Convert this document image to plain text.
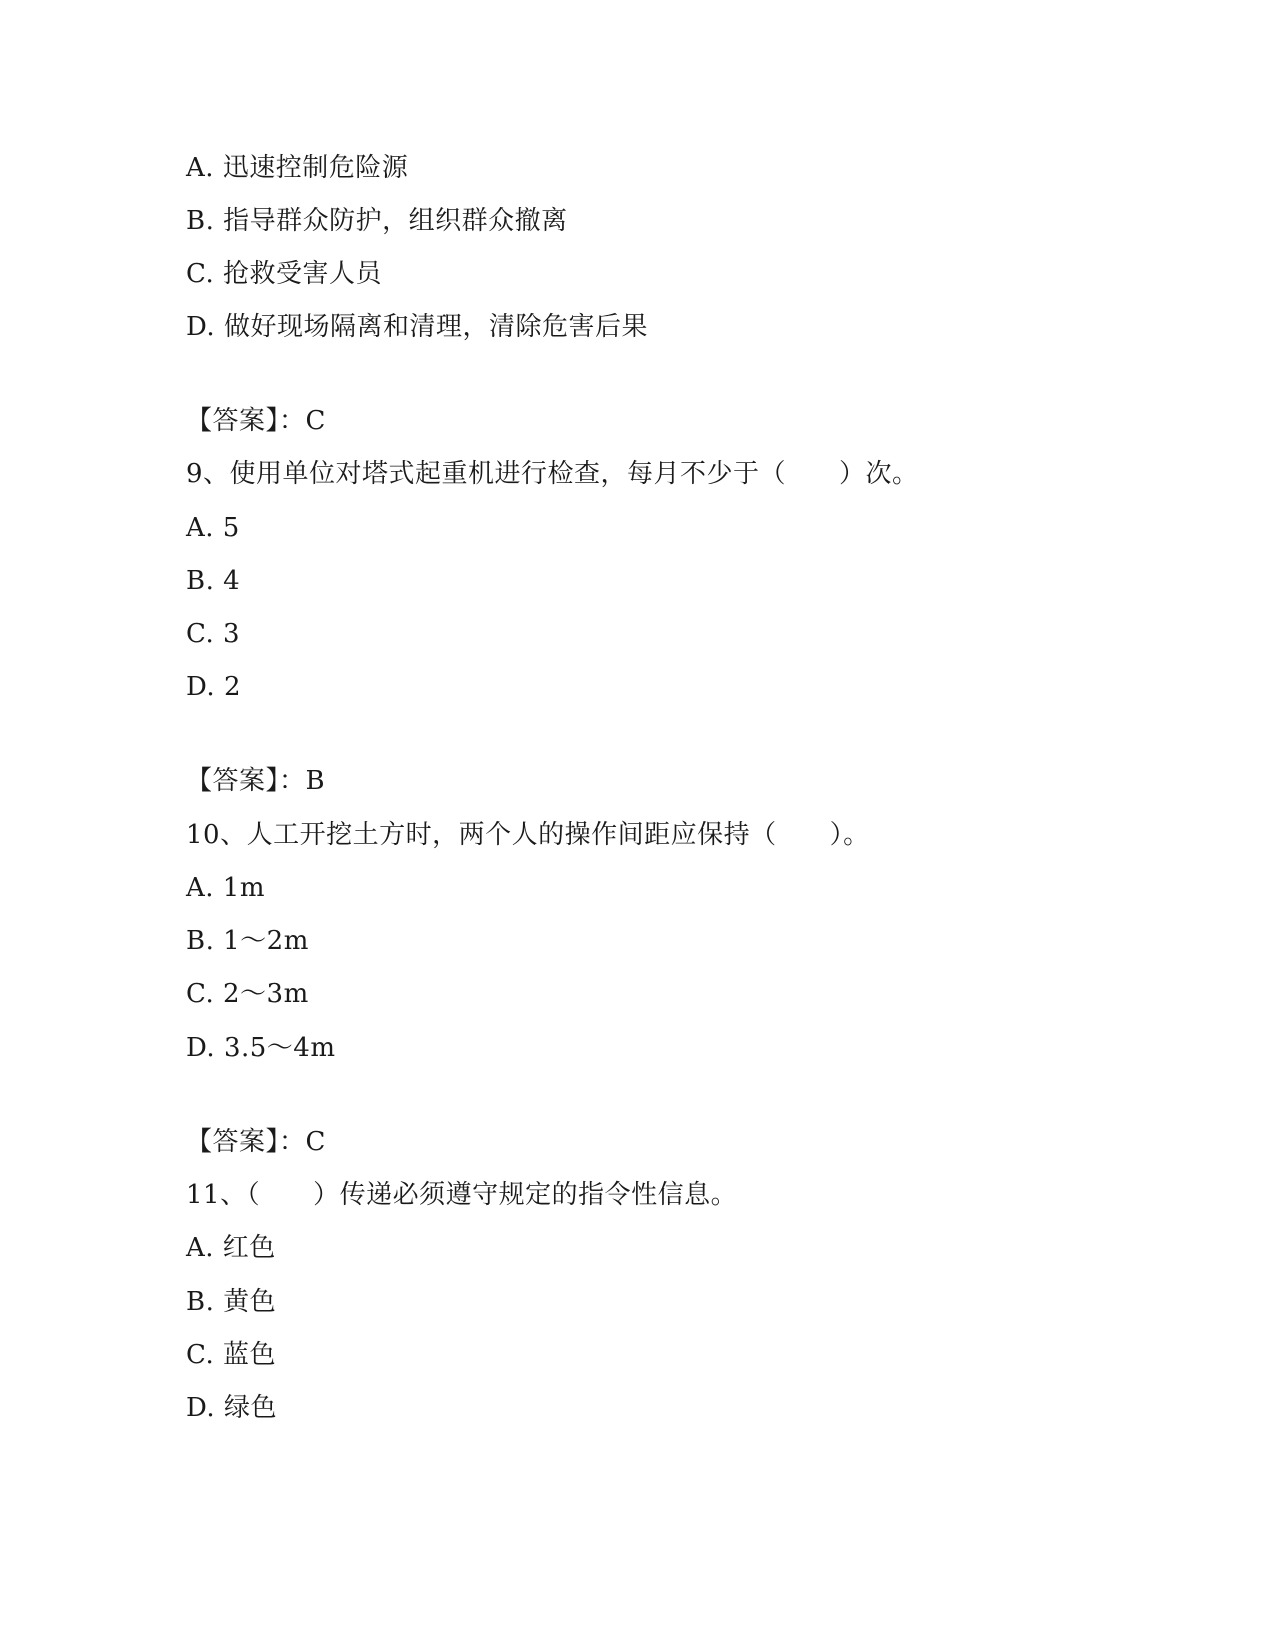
A. 迅速控制危险源
B. 指导群众防护，组织群众撤离
C. 抢救受害人员
D. 做好现场隔离和清理，清除危害后果
【答案】：C
9、使用单位对塔式起重机进行检查，每月不少于（　　）次。
A. 5
B. 4
C. 3
D. 2
【答案】：B
10、人工开挖土方时，两个人的操作间距应保持（　　）。
A. 1m
B. 1～2m
C. 2～3m
D. 3.5～4m
【答案】：C
11、（　　）传递必须遵守规定的指令性信息。
A. 红色
B. 黄色
C. 蓝色
D. 绿色
